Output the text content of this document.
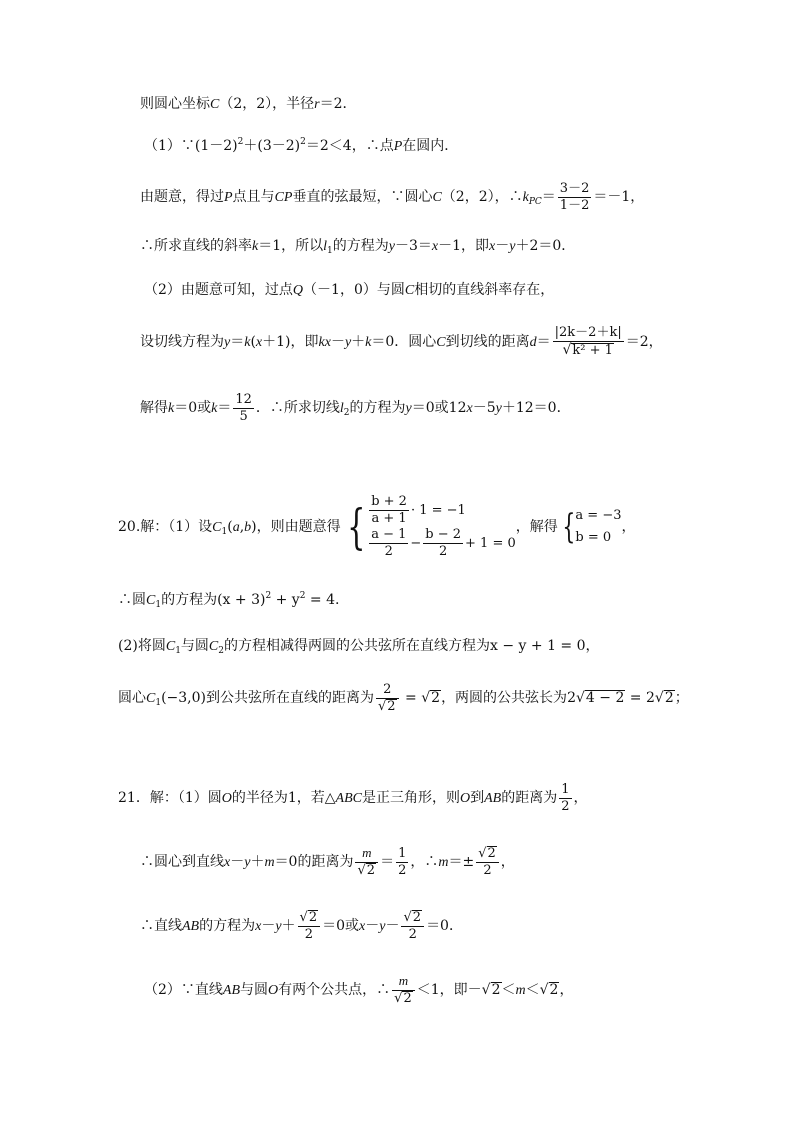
则圆心坐标C（2，2），半径r＝2．
$(1)\because(1-2)^2+(3-2)^2=2<4$，∴点P在圆内．
由题意，得过P点且与CP垂直的弦最短，∵圆心C（2，2），$\therefore k_{PC}= \frac{3-2}{1-2} =-1$，
∴所求直线的斜率k＝1，所以$l_1$的方程为y－3＝x－1，即x－y＋2＝0．
（2）由题意可知，过点Q（－1，0）与圆C相切的直线斜率存在，
设切线方程为y＝k(x＋1)，即kx－y＋k＝0．圆心C到切线的距离$d= \frac{|2k-2+k|}{\text{√k² + 1}} =2$，
解得k＝0或$k= \frac{12}{5}$ ．∴所求切线$l_2$的方程为y＝0或12x－5y＋12＝0．
20.解：（1）设$C_1(a,b)$，则由题意得 { $\frac{b + 2}{a + 1} \cdot 1 = -1$
$\frac{a - 1}{2} - \frac{b - 2}{2} + 1 = 0$
，解得 { a = −3
b = 0
，
∴圆$C_1$的方程为$(x + 3)^2 + y^2 = 4$.
(2)将圆$C_1$与圆$C_2$的方程相减得两圆的公共弦所在直线方程为x − y + 1 = 0，
圆心$C_1(-3,0)$到公共弦所在直线的距离为 $\frac{2}{√2} = √2$，两圆的公共弦长为2√4 − 2 = 2√2；
21．解：（1）圆O的半径为1，若△ABC是正三角形，则O到AB的距离为 $\frac{1}{2}$ ，
∴圆心到直线x－y＋m＝0的距离为 $\frac{m}{√2} = \frac{1}{2}$ ，∴m＝± $\frac{√2}{2}$ ，
∴直线AB的方程为$x-y+ \frac{√2}{2} =0$或$x-y- \frac{√2}{2} =0$．
（2）∵直线AB与圆O有两个公共点，∴ $\frac{m}{√2} <1$，即－√2＜m＜√2，
